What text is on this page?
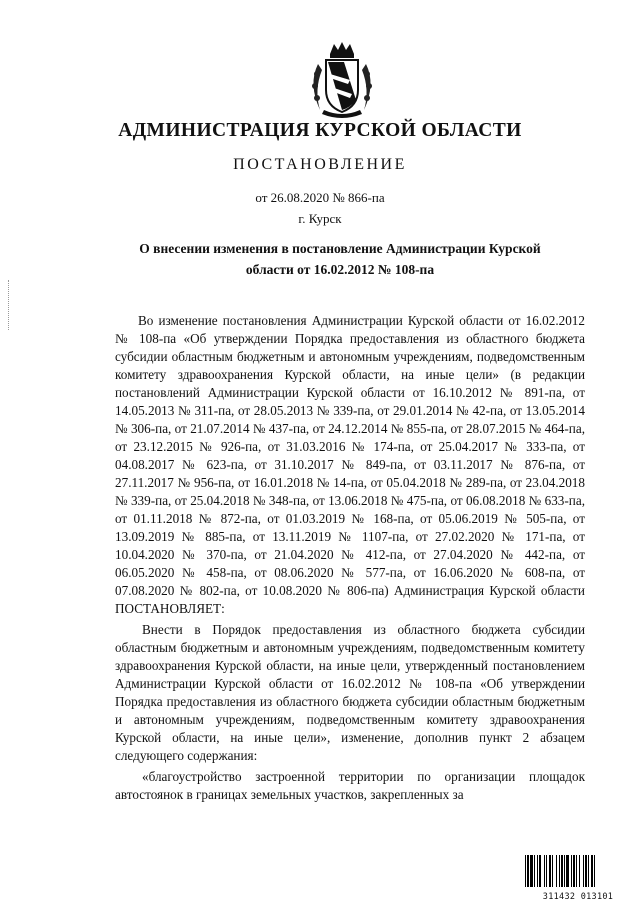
АДМИНИСТРАЦИЯ КУРСКОЙ ОБЛАСТИ
ПОСТАНОВЛЕНИЕ
от 26.08.2020 № 866-па
г. Курск
О внесении изменения в постановление Администрации Курской области от 16.02.2012 № 108-па

Во изменение постановления Администрации Курской области от 16.02.2012 № 108-па «Об утверждении Порядка предоставления из областного бюджета субсидии областным бюджетным и автономным учреждениям, подведомственным комитету здравоохранения Курской области, на иные цели» (в редакции постановлений Администрации Курской области от 16.10.2012 № 891-па, от 14.05.2013 № 311-па, от 28.05.2013 № 339-па, от 29.01.2014 № 42-па, от 13.05.2014 № 306-па, от 21.07.2014 № 437-па, от 24.12.2014 № 855-па, от 28.07.2015 № 464-па, от 23.12.2015 № 926-па, от 31.03.2016 № 174-па, от 25.04.2017 № 333-па, от 04.08.2017 № 623-па, от 31.10.2017 № 849-па, от 03.11.2017 № 876-па, от 27.11.2017 № 956-па, от 16.01.2018 № 14-па, от 05.04.2018 № 289-па, от 23.04.2018 № 339-па, от 25.04.2018 № 348-па, от 13.06.2018 № 475-па, от 06.08.2018 № 633-па, от 01.11.2018 № 872-па, от 01.03.2019 № 168-па, от 05.06.2019 № 505-па, от 13.09.2019 № 885-па, от 13.11.2019 № 1107-па, от 27.02.2020 № 171-па, от 10.04.2020 № 370-па, от 21.04.2020 № 412-па, от 27.04.2020 № 442-па, от 06.05.2020 № 458-па, от 08.06.2020 № 577-па, от 16.06.2020 № 608-па, от 07.08.2020 № 802-па, от 10.08.2020 № 806-па) Администрация Курской области ПОСТАНОВЛЯЕТ:

Внести в Порядок предоставления из областного бюджета субсидии областным бюджетным и автономным учреждениям, подведомственным комитету здравоохранения Курской области, на иные цели, утвержденный постановлением Администрации Курской области от 16.02.2012 № 108-па «Об утверждении Порядка предоставления из областного бюджета субсидии областным бюджетным и автономным учреждениям, подведомственным комитету здравоохранения Курской области, на иные цели», изменение, дополнив пункт 2 абзацем следующего содержания:

«благоустройство застроенной территории по организации площадок автостоянок в границах земельных участков, закрепленных за

311432 013101
